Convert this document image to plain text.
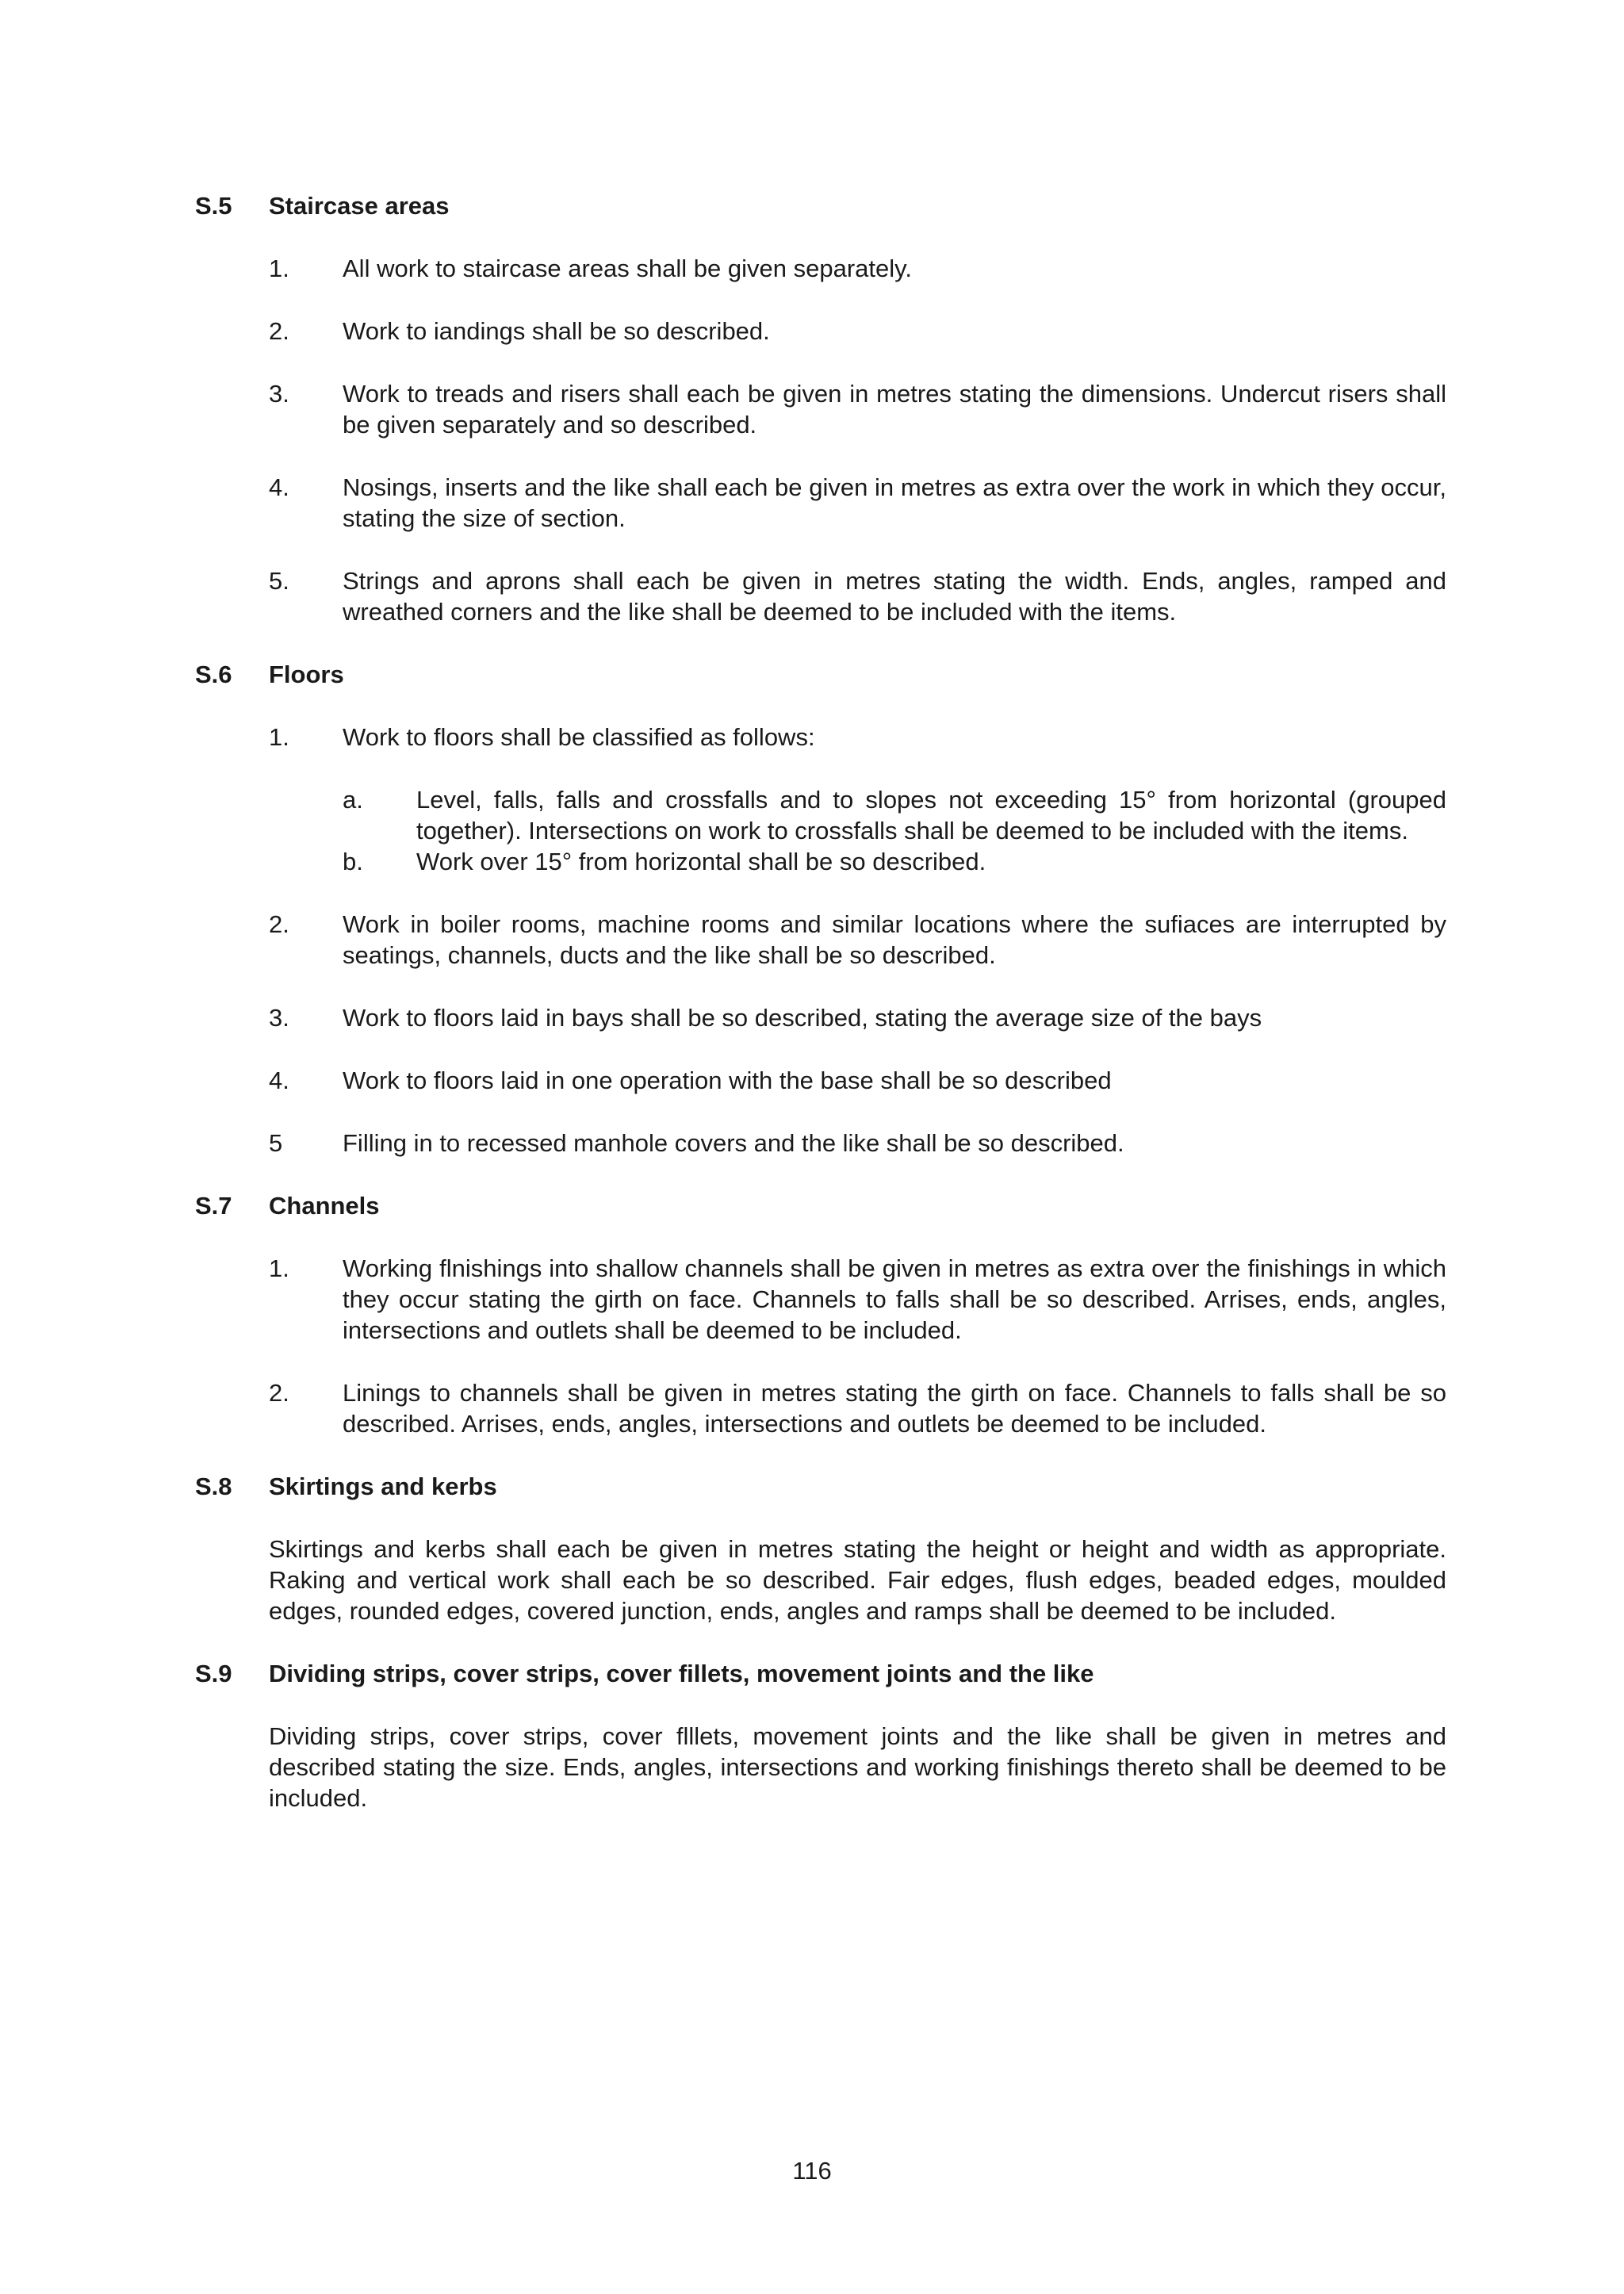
S.5	Staircase areas
1.	All work to staircase areas shall be given separately.
2.	Work to iandings shall be so described.
3.	Work to treads and risers shall each be given in metres stating the dimensions. Undercut risers shall be given separately and so described.
4.	Nosings, inserts and the like shall each be given in metres as extra over the work in which they occur, stating the size of section.
5.	Strings and aprons shall each be given in metres stating the width. Ends, angles, ramped and wreathed corners and the like shall be deemed to be included with the items.
S.6	Floors
1.	Work to floors shall be classified as follows:
a.	Level, falls, falls and crossfalls and to slopes not exceeding 15° from horizontal (grouped together). Intersections on work to crossfalls shall be deemed to be included with the items.
b.	Work over 15° from horizontal shall be so described.
2.	Work in boiler rooms, machine rooms and similar locations where the sufiaces are interrupted by seatings, channels, ducts and the like shall be so described.
3.	Work to floors laid in bays shall be so described, stating the average size of the bays
4.	Work to floors laid in one operation with the base shall be so described
5	Filling in to recessed manhole covers and the like shall be so described.
S.7	Channels
1.	Working flnishings into shallow channels shall be given in metres as extra over the finishings in which they occur stating the girth on face. Channels to falls shall be so described. Arrises, ends, angles, intersections and outlets shall be deemed to be included.
2.	Linings to channels shall be given in metres stating the girth on face. Channels to falls shall be so described. Arrises, ends, angles, intersections and outlets be deemed to be included.
S.8	Skirtings and kerbs
Skirtings and kerbs shall each be given in metres stating the height or height and width as appropriate. Raking and vertical work shall each be so described. Fair edges, flush edges, beaded edges, moulded edges, rounded edges, covered junction, ends, angles and ramps shall be deemed to be included.
S.9	Dividing strips, cover strips, cover fillets, movement joints and the like
Dividing strips, cover strips, cover flllets, movement joints and the like shall be given in metres and described stating the size. Ends, angles, intersections and working finishings thereto shall be deemed to be included.
116
